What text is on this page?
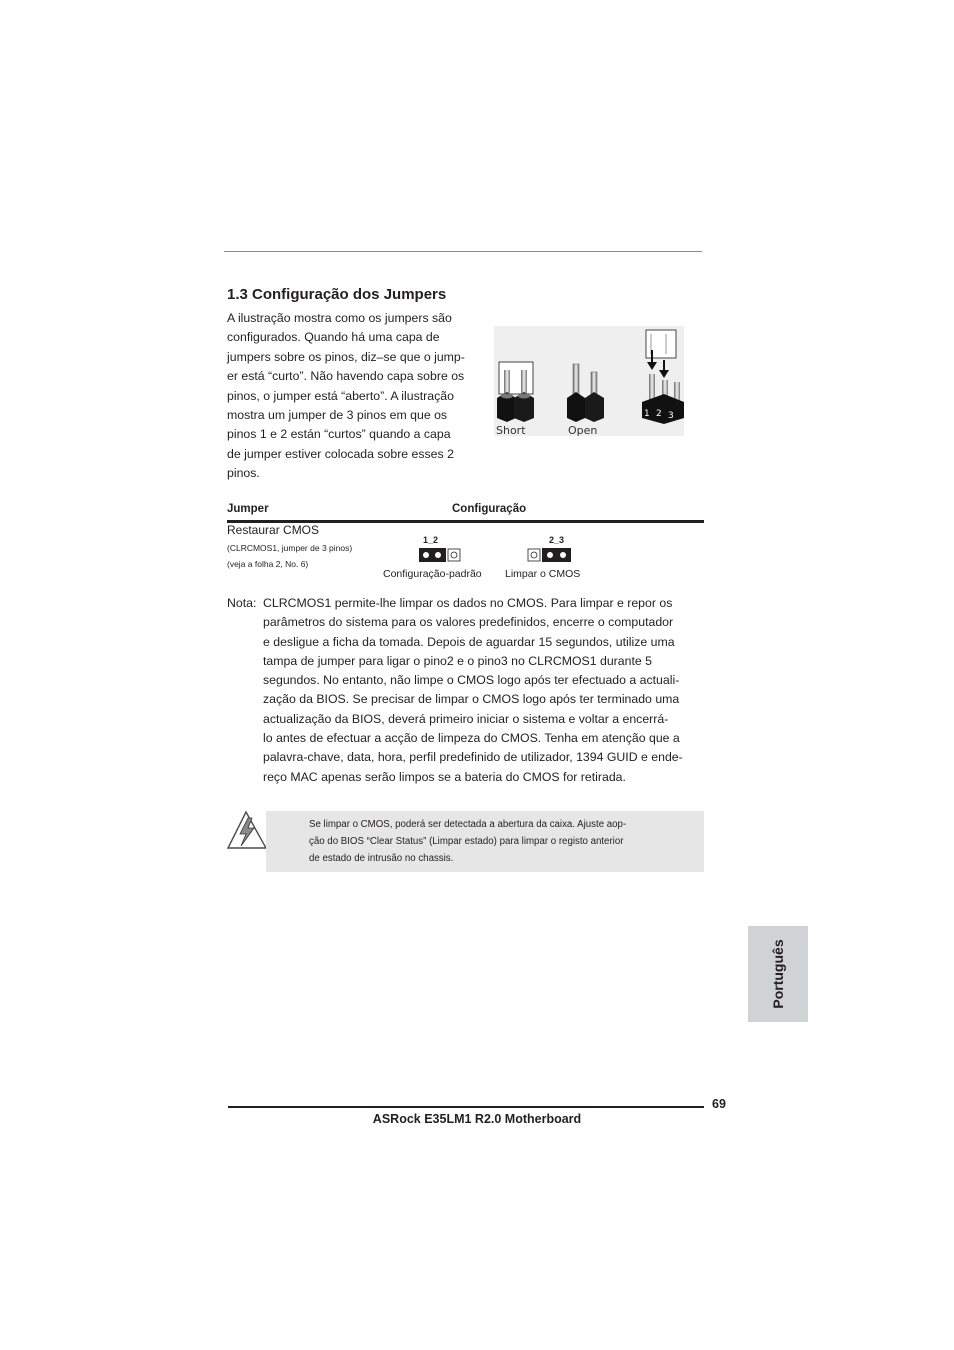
1.3 Configuração dos Jumpers
A ilustração mostra como os jumpers são
configurados. Quando há uma capa de
jumpers sobre os pinos, diz–se que o jump-
er está “curto”. Não havendo capa sobre os
pinos, o jumper está “aberto”. A ilustração
mostra um jumper de 3 pinos em que os
pinos 1 e 2 están “curtos” quando a capa
de jumper estiver colocada sobre esses 2
pinos.
Short	Open
1 2 3
Jumper	Configuração
Restaurar CMOS
(CLRCMOS1, jumper de 3 pinos)
(veja a folha 2, No. 6)
1_2
Configuração-padrão
2_3
Limpar o CMOS
Nota: CLRCMOS1 permite-lhe limpar os dados no CMOS. Para limpar e repor os
parâmetros do sistema para os valores predefinidos, encerre o computador
e desligue a ficha da tomada. Depois de aguardar 15 segundos, utilize uma
tampa de jumper para ligar o pino2 e o pino3 no CLRCMOS1 durante 5
segundos. No entanto, não limpe o CMOS logo após ter efectuado a actuali-
zação da BIOS. Se precisar de limpar o CMOS logo após ter terminado uma
actualização da BIOS, deverá primeiro iniciar o sistema e voltar a encerrá-
lo antes de efectuar a acção de limpeza do CMOS. Tenha em atenção que a
palavra-chave, data, hora, perfil predefinido de utilizador, 1394 GUID e ende-
reço MAC apenas serão limpos se a bateria do CMOS for retirada.
Se limpar o CMOS, poderá ser detectada a abertura da caixa. Ajuste aop-
ção do BIOS “Clear Status” (Limpar estado) para limpar o registo anterior
de estado de intrusão no chassis.
Português
69
ASRock E35LM1 R2.0 Motherboard
